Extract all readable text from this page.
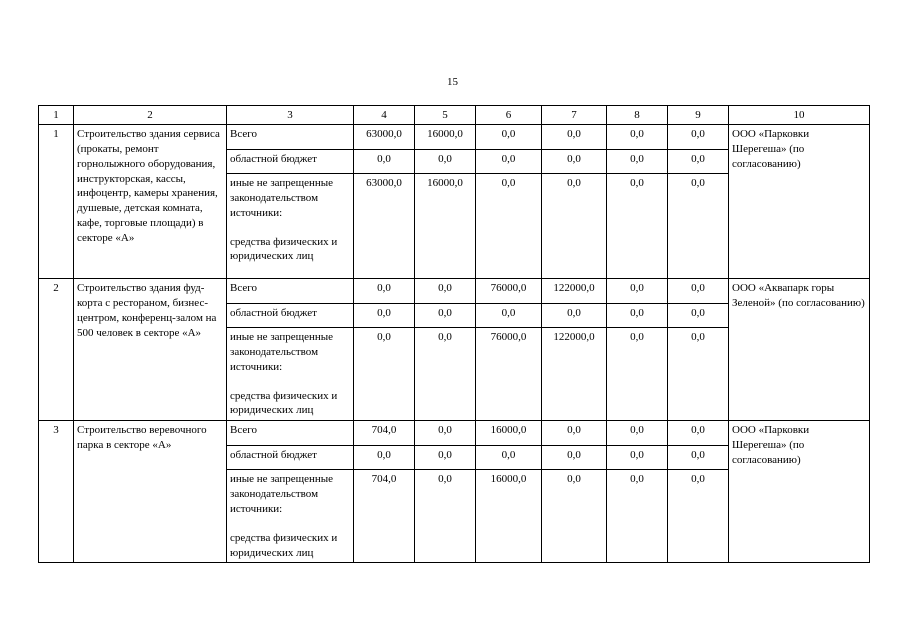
15
1	2	3	4	5	6	7	8	9	10
1	Строительство здания сервиса (прокаты, ремонт горнолыжного оборудования, инструкторская, кассы, инфоцентр, камеры хранения, душевые, детская комната, кафе, торговые площади) в секторе «А»	Всего	63000,0	16000,0	0,0	0,0	0,0	0,0	ООО «Парковки Шерегеша» (по согласованию)
		областной бюджет	0,0	0,0	0,0	0,0	0,0	0,0	

		иные не запрещенные законодательством источники:
средства физических и юридических лиц	63000,0	16000,0	0,0	0,0	0,0	0,0	
2	Строительство здания фуд-корта с рестораном, бизнес-центром, конференц-залом на 500 человек в секторе «А»	Всего	0,0	0,0	76000,0	122000,0	0,0	0,0	ООО «Аквапарк горы Зеленой» (по согласованию)
		областной бюджет	0,0	0,0	0,0	0,0	0,0	0,0	

		иные не запрещенные законодательством источники:
средства физических и юридических лиц	0,0	0,0	76000,0	122000,0	0,0	0,0	
3	Строительство веревочного парка в секторе «А»	Всего	704,0	0,0	16000,0	0,0	0,0	0,0	ООО «Парковки Шерегеша» (по согласованию)
		областной бюджет	0,0	0,0	0,0	0,0	0,0	0,0	

		иные не запрещенные законодательством источники:
средства физических и юридических лиц	704,0	0,0	16000,0	0,0	0,0	0,0	
